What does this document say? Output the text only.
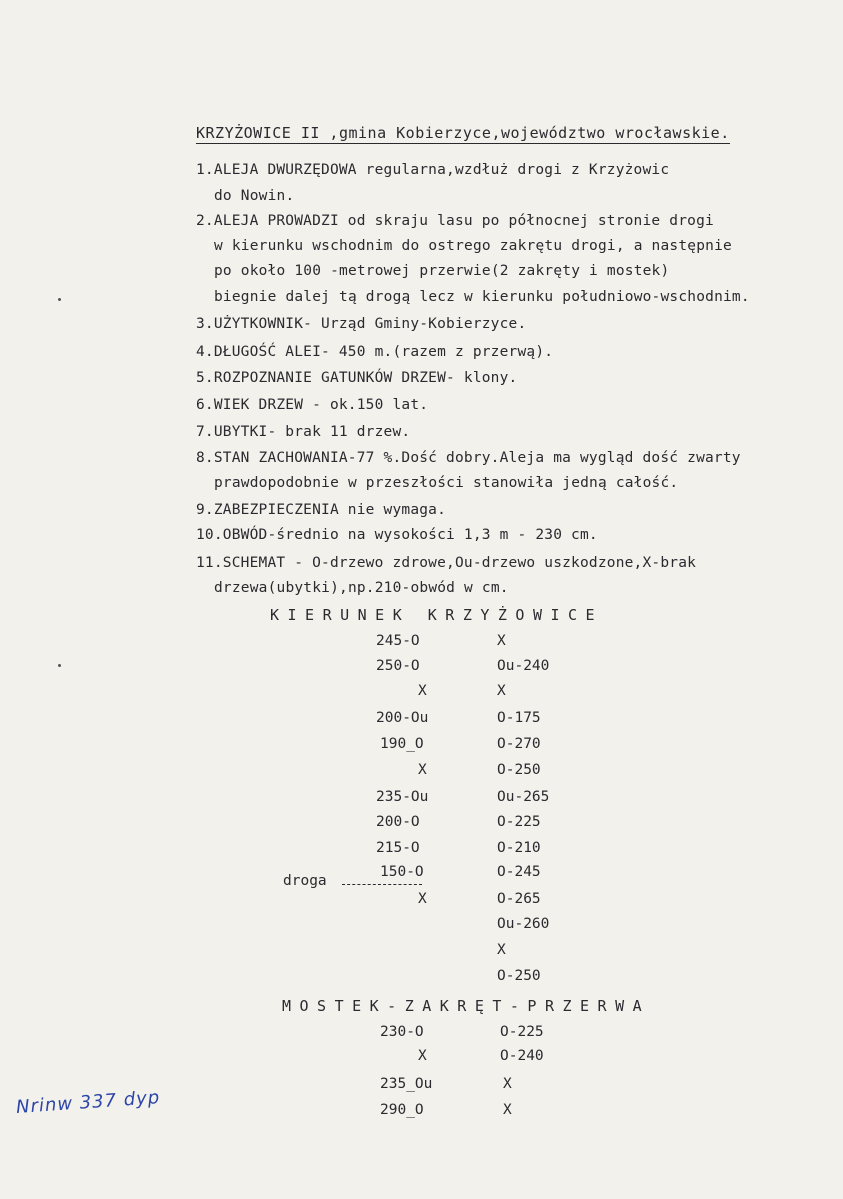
KRZYŻOWICE II ,gmina Kobierzyce,województwo wrocławskie.
1.ALEJA DWURZĘDOWA regularna,wzdłuż drogi z Krzyżowic
do Nowin.
2.ALEJA PROWADZI od skraju lasu po północnej stronie drogi
w kierunku wschodnim do ostrego zakrętu drogi, a następnie
po około 100 -metrowej przerwie(2 zakręty i mostek)
biegnie dalej tą drogą lecz w kierunku południowo-wschodnim.
3.UŻYTKOWNIK- Urząd Gminy-Kobierzyce.
4.DŁUGOŚĆ ALEI- 450 m.(razem z przerwą).
5.ROZPOZNANIE GATUNKÓW DRZEW- klony.
6.WIEK DRZEW - ok.150 lat.
7.UBYTKI- brak 11 drzew.
8.STAN ZACHOWANIA-77 %.Dość dobry.Aleja ma wygląd dość zwarty
prawdopodobnie w przeszłości stanowiła jedną całość.
9.ZABEZPIECZENIA nie wymaga.
10.OBWÓD-średnio na wysokości 1,3 m - 230 cm.
11.SCHEMAT - O-drzewo zdrowe,Ou-drzewo uszkodzone,X-brak
drzewa(ubytki),np.210-obwód w cm.
KIERUNEK KRZYŻOWICE
245-O
250-O
X
200-Ou
190_O
X
235-Ou
200-O
215-O
150-O
X
X
Ou-240
X
O-175
O-270
O-250
Ou-265
O-225
O-210
O-245
O-265
Ou-260
X
O-250
droga
MOSTEK-ZAKRĘT-PRZERWA
230-O
X
235_Ou
290_O
O-225
O-240
X
X
Nrinw 337 dyp
